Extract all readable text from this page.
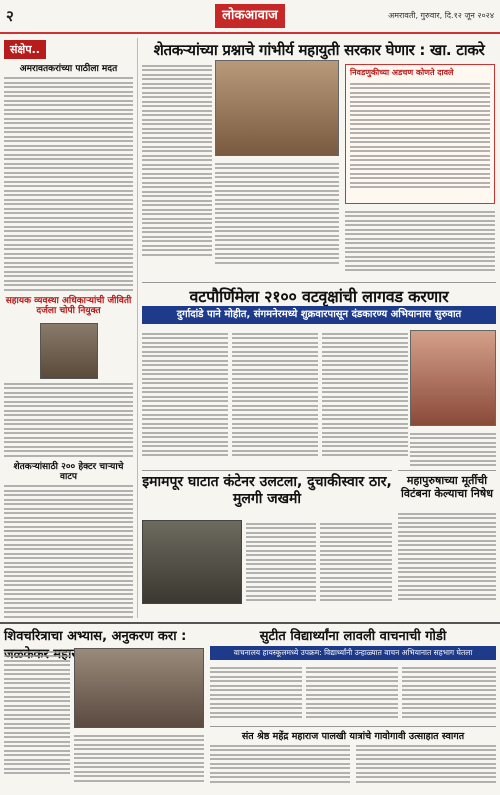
२	लोकआवाज	अमरावती, गुरुवार, दि.१२ जून २०२४
संक्षेप..
अमरावतकरांच्या पाठीला मदत
सहायक व्यवस्था अधिकाऱ्यांची जीविती दर्जला चोपी नियुक्त
शेतकऱ्यांसाठी २०० हेक्टर चाऱ्याचे वाटप
शेतकऱ्यांच्या प्रश्नाचे गांभीर्य महायुती सरकार घेणार : खा. टाकरे
निवडणुकीच्या अडचण कोणते दावले
वटपौर्णिमेला २१०० वटवृक्षांची लागवड करणार
दुर्गादांडे पाने मोहीत, संगमनेरमध्ये शुक्रवारपासून दंडकारण्य अभियानास सुरुवात
इमामपूर घाटात कंटेनर उलटला, दुचाकीस्वार ठार, मुलगी जखमी
महापुरुषाच्या मूर्तीची विटंबना केल्याचा निषेध
शिवचरित्राचा अभ्यास, अनुकरण करा : महाराज
सुटीत विद्यार्थ्यांना लावली वाचनाची गोडी
वाचनालय हायस्कूलमध्ये उपक्रम: विद्यार्थ्यांनी उन्हाळ्यात वाचन अभियानात सहभाग घेतला
संत श्रेष्ठ महेंद्र महाराज पालखी यात्रांचे गावोगावी उत्साहात स्वागत
